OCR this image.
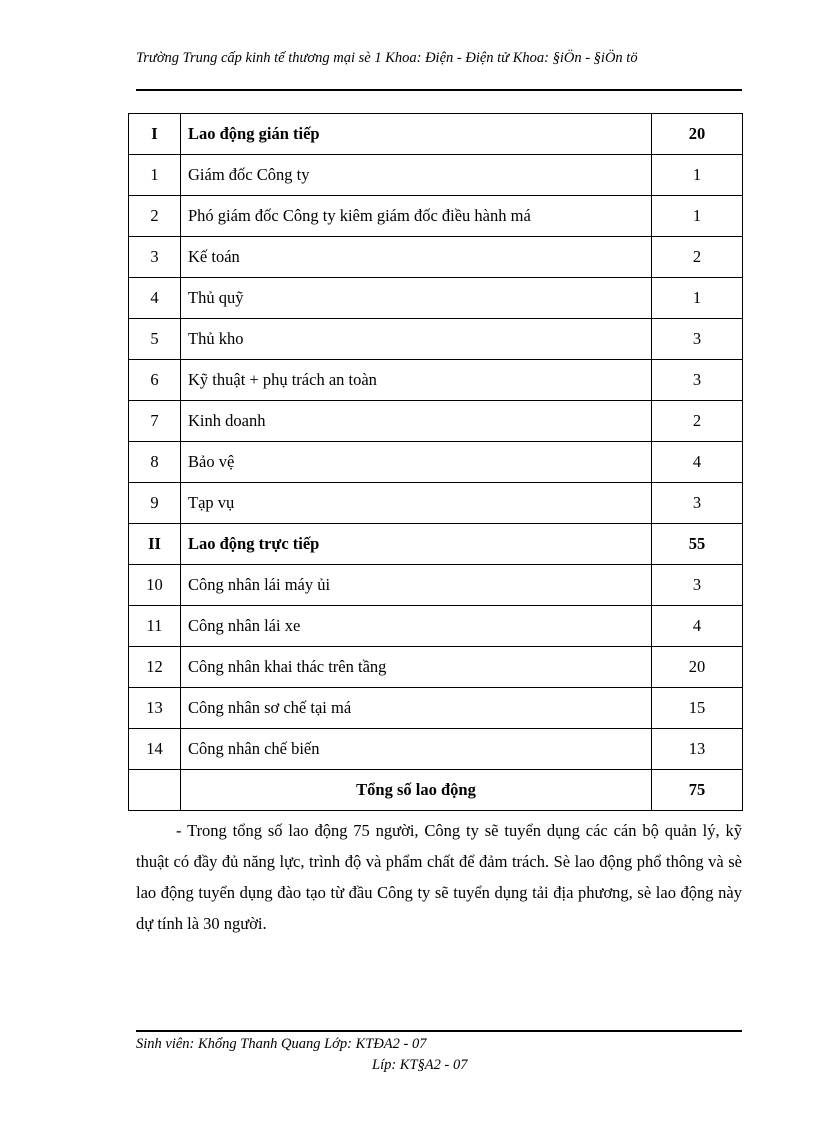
Trường Trung cấp kinh tế thương mại sè 1 Khoa: Điện - Điện tử Khoa: §iÖn - §iÖn tö
I	Lao động gián tiếp	20
1	Giám đốc Công ty	1
2	Phó giám đốc Công ty kiêm giám đốc điều hành má	1
3	Kế toán	2
4	Thủ quỹ	1
5	Thủ kho	3
6	Kỹ thuật + phụ trách an toàn	3
7	Kinh doanh	2
8	Bảo vệ	4
9	Tạp vụ	3
II	Lao động trực tiếp	55
10	Công nhân lái máy ủi	3
11	Công nhân lái xe	4
12	Công nhân khai thác trên tầng	20
13	Công nhân sơ chế tại má	15
14	Công nhân chế biến	13
	Tổng số lao động	75

- Trong tổng số lao động 75 người, Công ty sẽ tuyển dụng các cán bộ quản lý, kỹ thuật có đầy đủ năng lực, trình độ và phẩm chất để đảm trách. Sè lao động phổ thông và sè lao động tuyển dụng đào tạo từ đầu Công ty sẽ tuyển dụng tải địa phương, sè lao động này dự tính là 30 người.

Sinh viên: Khổng Thanh Quang Lớp: KTĐA2 - 07
Líp: KT§A2 - 07
